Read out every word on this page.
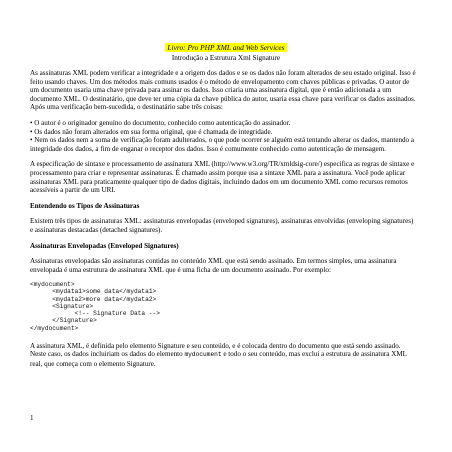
Livro: Pro PHP XML and Web Services
Introdução a Estrutura Xml Signature

As assinaturas XML podem verificar a integridade e a origem dos dados e se os dados não foram alterados de seu estado original. Isso é feito usando chaves. Um dos métodos mais comuns usados é o método de envelopamento com chaves públicas e privadas. O autor de um documento usaria uma chave privada para assinar os dados. Isso criaria uma assinatura digital, que é então adicionada a um documento XML. O destinatário, que deve ter uma cópia da chave pública do autor, usaria essa chave para verificar os dados assinados. Após uma verificação bem-sucedida, o destinatário sabe três coisas:

• O autor é o originador genuíno do documento, conhecido como autenticação do assinador.

• Os dados não foram alterados em sua forma original, que é chamada de integridade.

• Nem os dados nem a soma de verificação foram adulterados, o que pode ocorrer se alguém está tentando alterar os dados, mantendo a integridade dos dados, a fim de enganar o receptor dos dados. Isso é comumente conhecido como autenticação de mensagem.

A especificação de sintaxe e processamento de assinatura XML (http://www.w3.org/TR/xmldsig-core/) especifica as regras de sintaxe e processamento para criar e representar assinaturas. É chamado assim porque usa a sintaxe XML para a assinatura. Você pode aplicar assinaturas XML para praticamente qualquer tipo de dados digitais, incluindo dados em um documento XML como recursos remotos acessíveis a partir de um URI.

Entendendo os Tipos de Assinaturas

Existem três tipos de assinaturas XML: assinaturas envelopadas (enveloped signatures), assinaturas envolvidas (enveloping signatures) e assinaturas destacadas (detached signatures).

Assinaturas Envelopadas (Enveloped Signatures)

Assinaturas envelopadas são assinaturas contidas no conteúdo XML que está sendo assinado. Em termos simples, uma assinatura envelopada é uma estrutura de assinatura XML que é uma ficha de um documento assinado. Por exemplo:

<mydocument>
<mydata1>some data</mydata1>
<mydata2>more data</mydata2>
<Signature>
<!-- Signature Data -->
</Signature>
</mydocument>

A assinatura XML, é definida pelo elemento Signature e seu conteúdo, e é colocada dentro do documento que está sendo assinado. Neste caso, os dados incluiriam os dados do elemento mydocument e todo o seu conteúdo, mas exclui a estrutura de assinatura XML real, que começa com o elemento Signature.

1
